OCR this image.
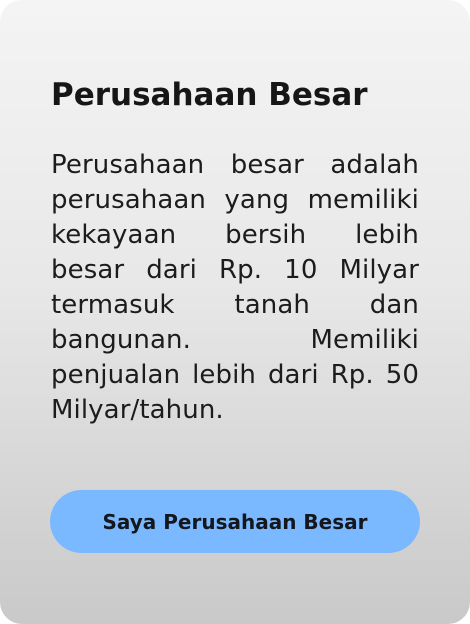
Perusahaan Besar

Perusahaan besar adalah perusahaan yang memiliki kekayaan bersih lebih besar dari Rp. 10 Milyar termasuk tanah dan bangunan. Memiliki penjualan lebih dari Rp. 50 Milyar/tahun.

Saya Perusahaan Besar
